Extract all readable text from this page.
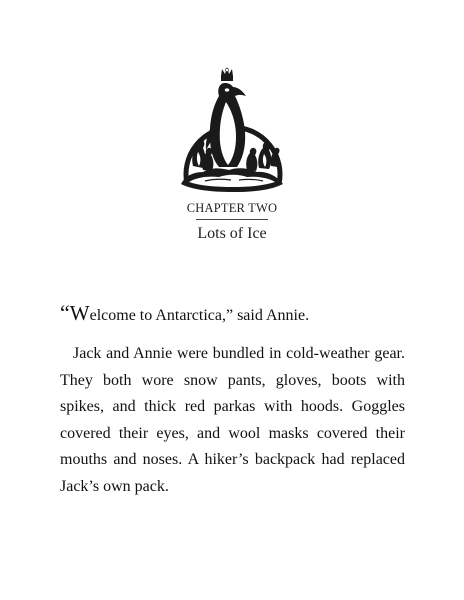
CHAPTER TWO
Lots of Ice
“Welcome to Antarctica,” said Annie.
Jack and Annie were bundled in cold-weather gear. They both wore snow pants, gloves, boots with spikes, and thick red parkas with hoods. Goggles covered their eyes, and wool masks covered their mouths and noses. A hiker’s backpack had replaced Jack’s own pack.
